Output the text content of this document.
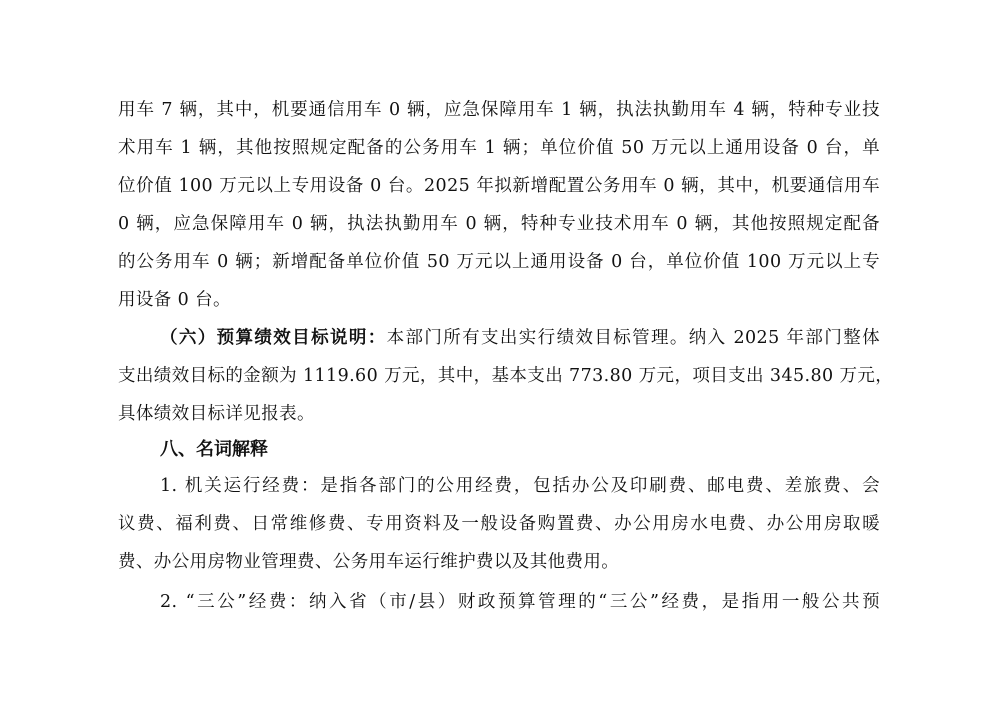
用车 7 辆，其中，机要通信用车 0 辆，应急保障用车 1 辆，执法执勤用车 4 辆，特种专业技
术用车 1 辆，其他按照规定配备的公务用车 1 辆；单位价值 50 万元以上通用设备 0 台，单
位价值 100 万元以上专用设备 0 台。2025 年拟新增配置公务用车 0 辆，其中，机要通信用车
0 辆，应急保障用车 0 辆，执法执勤用车 0 辆，特种专业技术用车 0 辆，其他按照规定配备
的公务用车 0 辆；新增配备单位价值 50 万元以上通用设备 0 台，单位价值 100 万元以上专
用设备 0 台。
（六）预算绩效目标说明：本部门所有支出实行绩效目标管理。纳入 2025 年部门整体
支出绩效目标的金额为 1119.60 万元，其中，基本支出 773.80 万元，项目支出 345.80 万元，
具体绩效目标详见报表。
八、名词解释
1. 机关运行经费：是指各部门的公用经费，包括办公及印刷费、邮电费、差旅费、会
议费、福利费、日常维修费、专用资料及一般设备购置费、办公用房水电费、办公用房取暖
费、办公用房物业管理费、公务用车运行维护费以及其他费用。
2. “三公”经费：纳入省（市/县）财政预算管理的“三公”经费，是指用一般公共预
